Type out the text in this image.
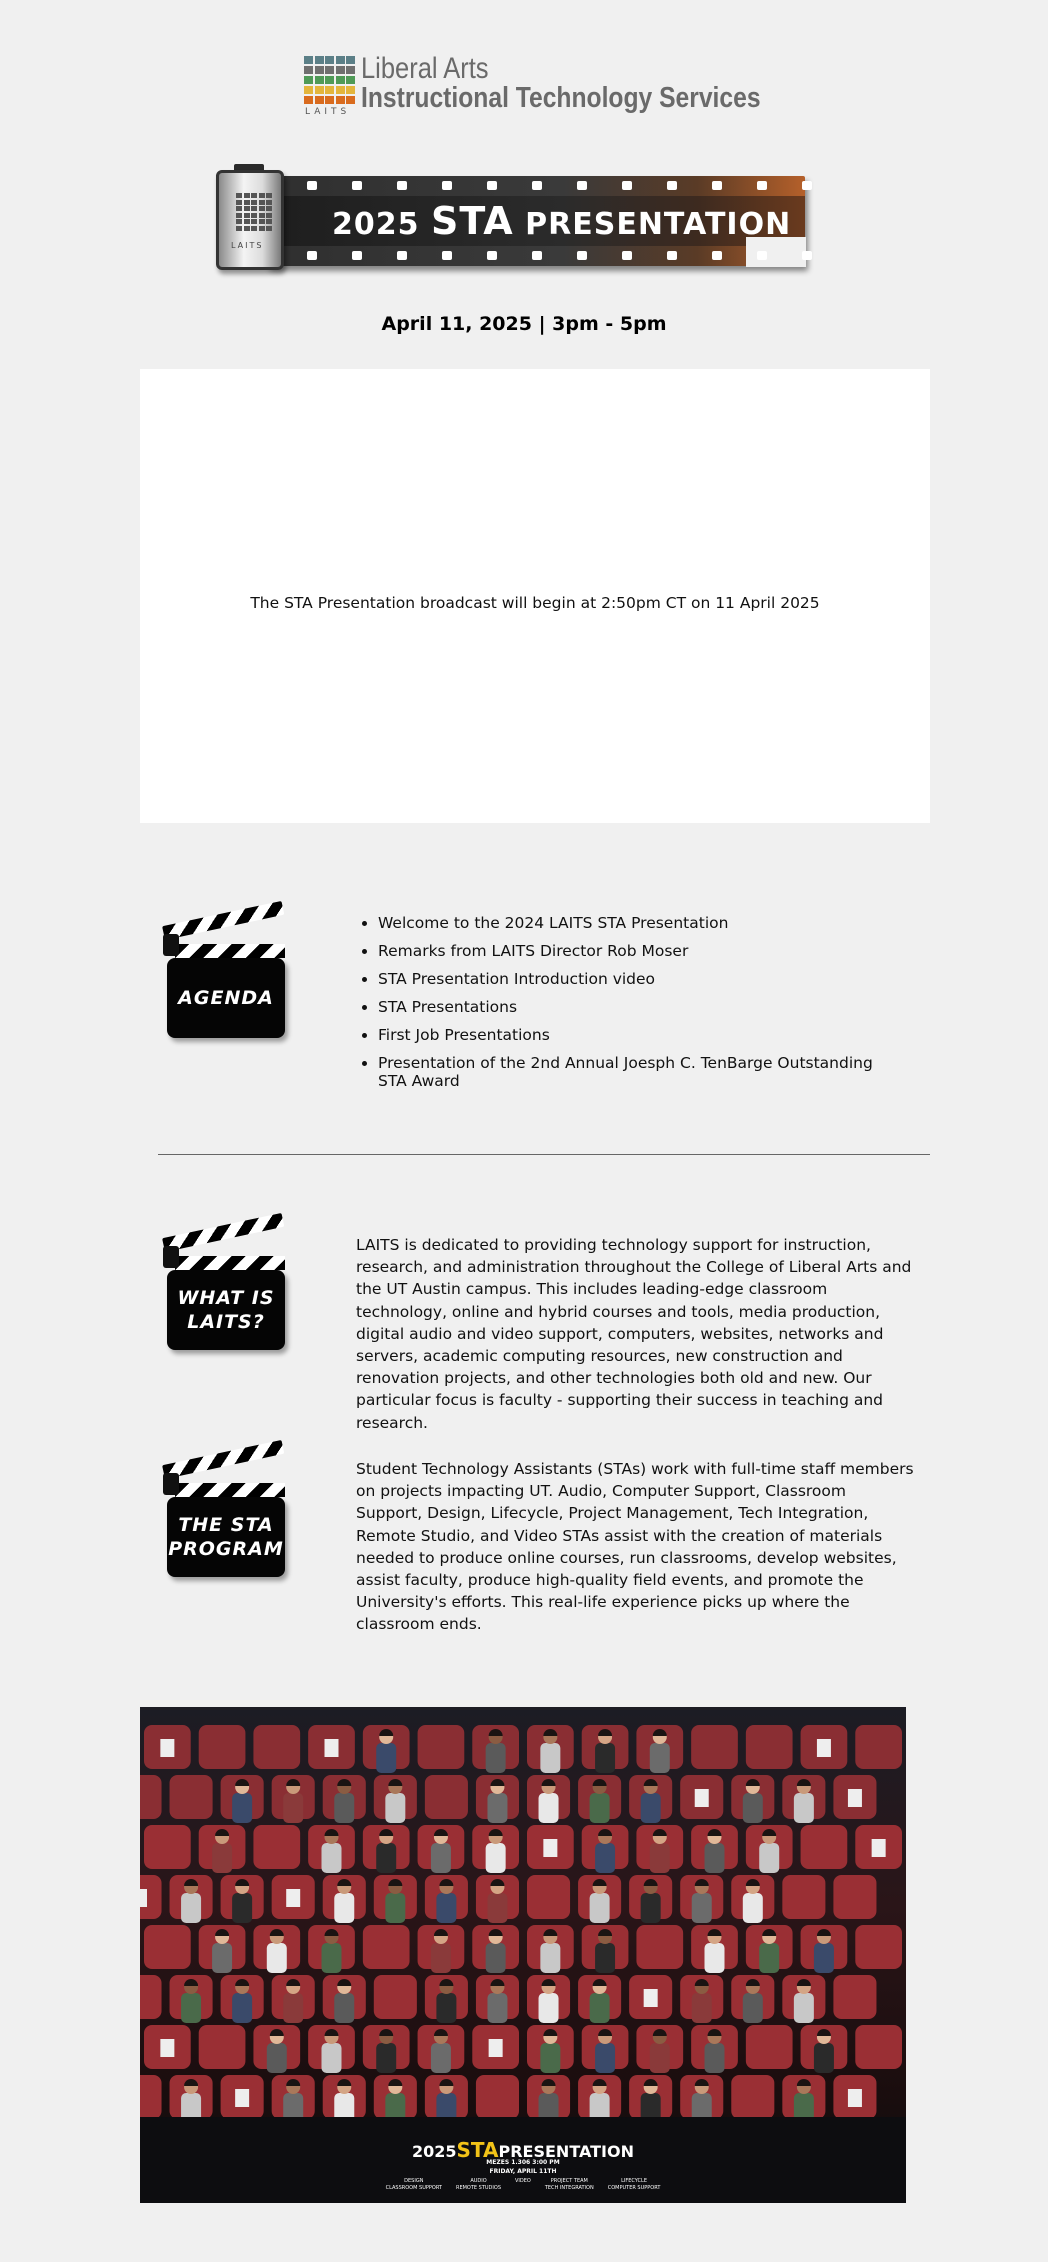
LAITS
Liberal Arts
Instructional Technology Services
2025 STA PRESENTATION
LAITS
April 11, 2025 | 3pm - 5pm
The STA Presentation broadcast will begin at 2:50pm CT on 11 April 2025
AGENDA
• Welcome to the 2024 LAITS STA Presentation
• Remarks from LAITS Director Rob Moser
• STA Presentation Introduction video
• STA Presentations
• First Job Presentations
• Presentation of the 2nd Annual Joesph C. TenBarge Outstanding STA Award
WHAT IS
LAITS?
LAITS is dedicated to providing technology support for instruction, research, and administration throughout the College of Liberal Arts and the UT Austin campus. This includes leading-edge classroom technology, online and hybrid courses and tools, media production, digital audio and video support, computers, websites, networks and servers, academic computing resources, new construction and renovation projects, and other technologies both old and new. Our particular focus is faculty - supporting their success in teaching and research.
THE STA
PROGRAM
Student Technology Assistants (STAs) work with full-time staff members on projects impacting UT. Audio, Computer Support, Classroom Support, Design, Lifecycle, Project Management, Tech Integration, Remote Studio, and Video STAs assist with the creation of materials needed to produce online courses, run classrooms, develop websites, assist faculty, produce high-quality field events, and promote the University's efforts. This real-life experience picks up where the classroom ends.
2025STAPRESENTATION
MEZES 1.306 3:00 PM
FRIDAY, APRIL 11TH
DESIGN
CLASSROOM SUPPORT
AUDIO
REMOTE STUDIOS
VIDEO	PROJECT TEAM
TECH INTEGRATION
LIFECYCLE
COMPUTER SUPPORT
